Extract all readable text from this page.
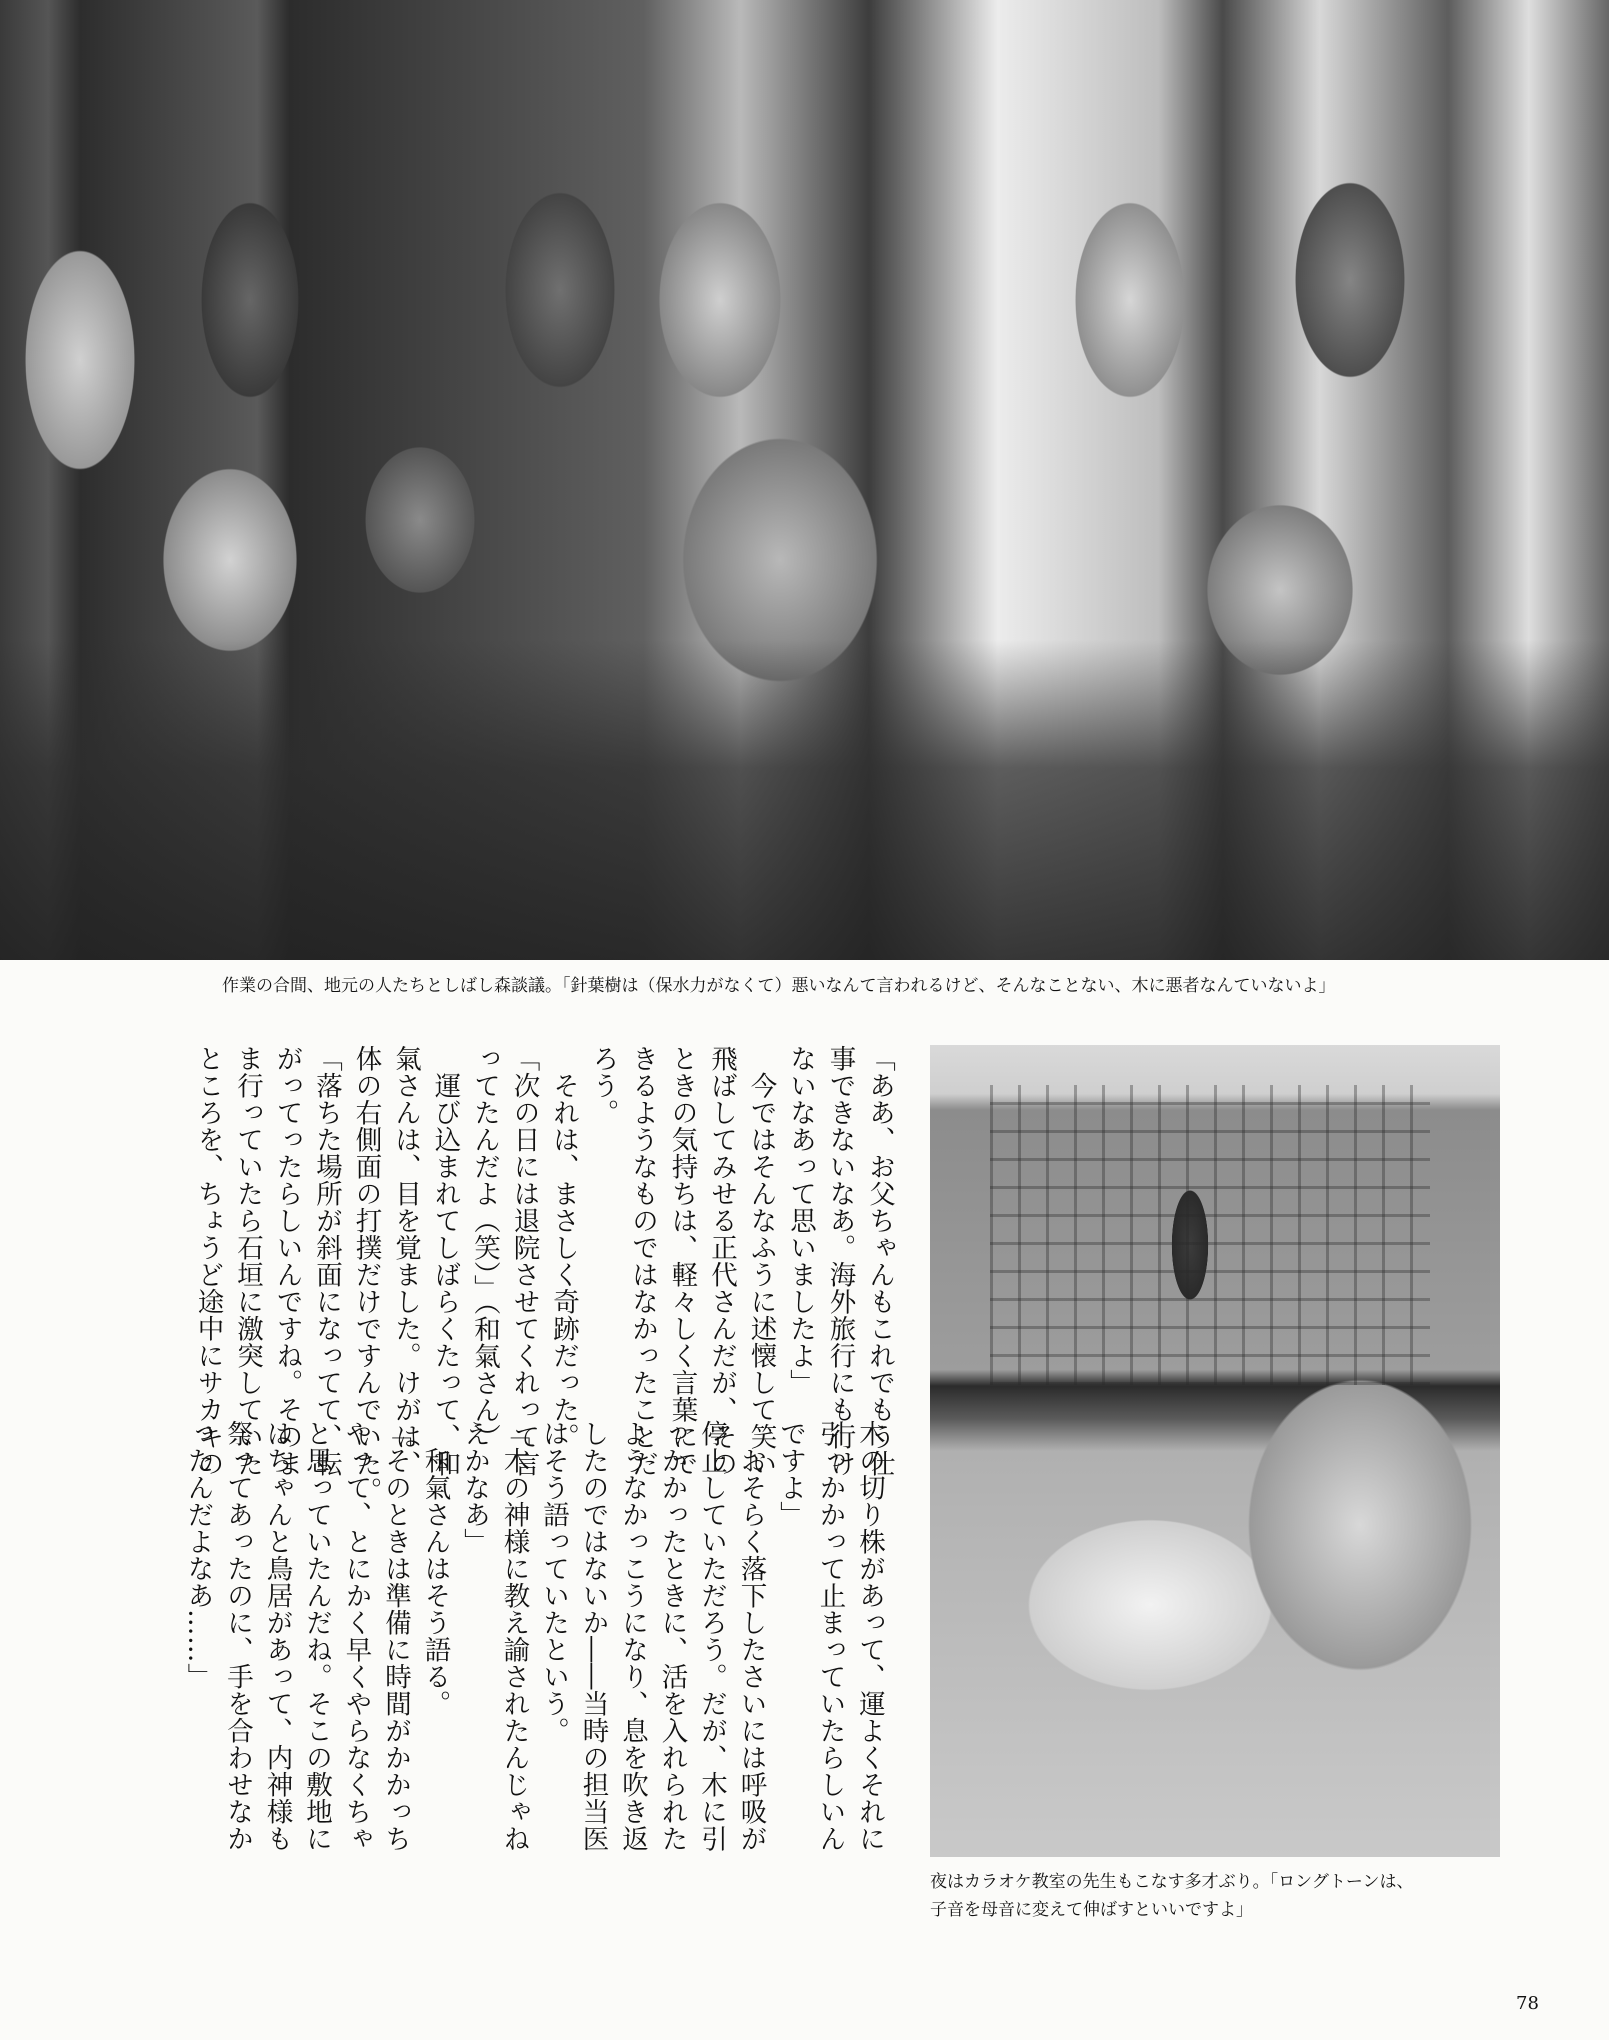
作業の合間、地元の人たちとしばし森談議。「針葉樹は（保水力がなくて）悪いなんて言われるけど、そんなことない、木に悪者なんていないよ」
「ああ、お父ちゃんもこれでもう仕
事できないなあ。海外旅行にも行け
ないなあって思いましたよ」
　今ではそんなふうに述懐して笑い
飛ばしてみせる正代さんだが、その
ときの気持ちは、軽々しく言葉にで
きるようなものではなかったことだ
ろう。
　それは、まさしく奇跡だった。
「次の日には退院させてくれって言
ってたんだよ（笑）」（和氣さん）
　運び込まれてしばらくたって、和
氣さんは、目を覚ました。けがは、
体の右側面の打撲だけですんでいた。
「落ちた場所が斜面になってて、転
がってったらしいんですね。そのま
ま行っていたら石垣に激突していた
ところを、ちょうど途中にサカキの
木の切り株があって、運よくそれに
引っかかって止まっていたらしいん
ですよ」
　おそらく落下したさいには呼吸が
停止していただろう。だが、木に引
っかかったときに、活を入れられた
ようなかっこうになり、息を吹き返
したのではないか――当時の担当医
はそう語っていたという。
「木の神様に教え諭されたんじゃね
えかなあ」
　和氣さんはそう語る。
「そのときは準備に時間がかかっち
やって、とにかく早くやらなくちゃ
と思っていたんだね。そこの敷地に
はちゃんと鳥居があって、内神様も
祭ってあったのに、手を合わせなか
ったんだよなあ……」
夜はカラオケ教室の先生もこなす多才ぶり。「ロングトーンは、
子音を母音に変えて伸ばすといいですよ」
78
